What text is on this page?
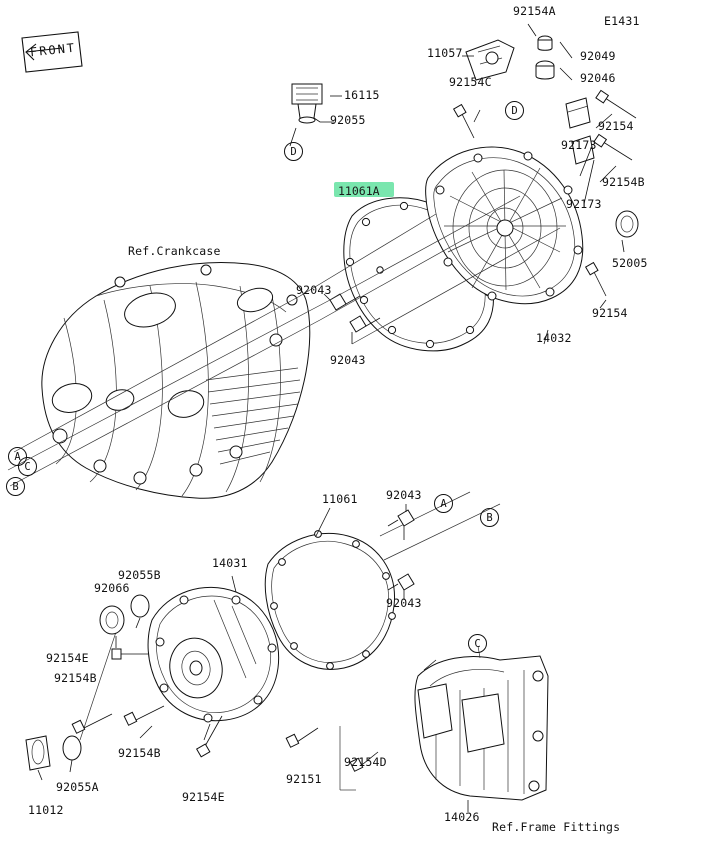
11061A
E1431
Ref.Crankcase
Ref.Frame Fittings
92154A
11057	92049
92046
92154C
92154
92173
92154B
92173
16115
92055
52005
92154
14032
92043
92043
11061 92043
92043
14031
92055B
92066
92154E
92154B
92154B
92154E
92151
92154D
14026
92055A
11012
D
D
A
C
B
A
B
C
FRONT
